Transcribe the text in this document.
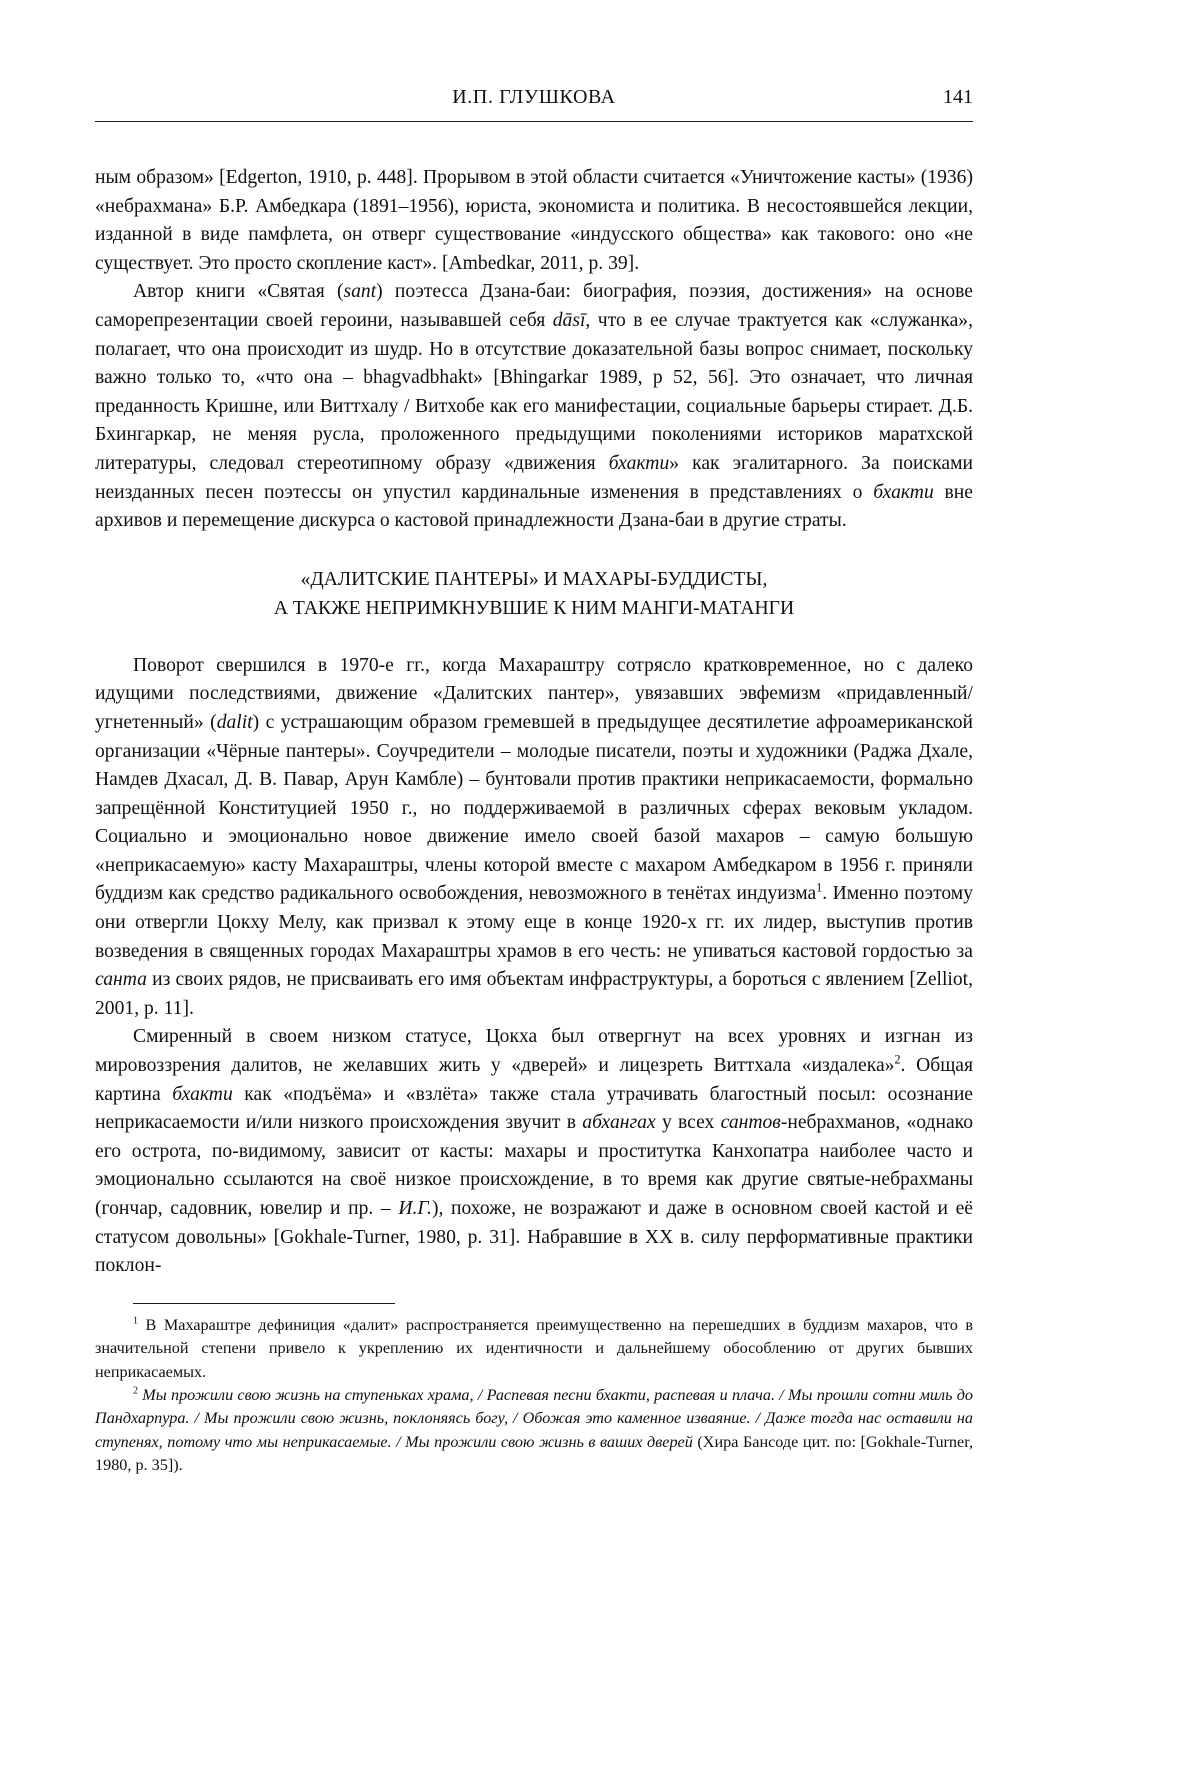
И.П. ГЛУШКОВА	141

ным образом» [Edgerton, 1910, p. 448]. Прорывом в этой области считается «Уничтожение касты» (1936) «небрахмана» Б.Р. Амбедкара (1891–1956), юриста, экономиста и политика. В несостоявшейся лекции, изданной в виде памфлета, он отверг существование «индусского общества» как такового: оно «не существует. Это просто скопление каст». [Ambedkar, 2011, p. 39].

Автор книги «Святая (sant) поэтесса Дзана-баи: биография, поэзия, достижения» на основе саморепрезентации своей героини, называвшей себя dāsī, что в ее случае трактуется как «служанка», полагает, что она происходит из шудр. Но в отсутствие доказательной базы вопрос снимает, поскольку важно только то, «что она – bhagvadbhakt» [Bhingarkar 1989, p 52, 56]. Это означает, что личная преданность Кришне, или Виттхалу / Витхобе как его манифестации, социальные барьеры стирает. Д.Б. Бхингаркар, не меняя русла, проложенного предыдущими поколениями историков маратхской литературы, следовал стереотипному образу «движения бхакти» как эгалитарного. За поисками неизданных песен поэтессы он упустил кардинальные изменения в представлениях о бхакти вне архивов и перемещение дискурса о кастовой принадлежности Дзана-баи в другие страты.

«ДАЛИТСКИЕ ПАНТЕРЫ» И МАХАРЫ-БУДДИСТЫ,
А ТАКЖЕ НЕПРИМКНУВШИЕ К НИМ МАНГИ-МАТАНГИ

Поворот свершился в 1970-е гг., когда Махараштру сотрясло кратковременное, но с далеко идущими последствиями, движение «Далитских пантер», увязавших эвфемизм «придавленный/угнетенный» (dalit) с устрашающим образом гремевшей в предыдущее десятилетие афроамериканской организации «Чёрные пантеры». Соучредители – молодые писатели, поэты и художники (Раджа Дхале, Намдев Дхасал, Д. В. Павар, Арун Камбле) – бунтовали против практики неприкасаемости, формально запрещённой Конституцией 1950 г., но поддерживаемой в различных сферах вековым укладом. Социально и эмоционально новое движение имело своей базой махаров – самую большую «неприкасаемую» касту Махараштры, члены которой вместе с махаром Амбедкаром в 1956 г. приняли буддизм как средство радикального освобождения, невозможного в тенётах индуизма$^1$. Именно поэтому они отвергли Цокху Мелу, как призвал к этому еще в конце 1920-х гг. их лидер, выступив против возведения в священных городах Махараштры храмов в его честь: не упиваться кастовой гордостью за санта из своих рядов, не присваивать его имя объектам инфраструктуры, а бороться с явлением [Zelliot, 2001, p. 11].

Смиренный в своем низком статусе, Цокха был отвергнут на всех уровнях и изгнан из мировоззрения далитов, не желавших жить у «дверей» и лицезреть Виттхала «издалека»$^2$. Общая картина бхакти как «подъёма» и «взлёта» также стала утрачивать благостный посыл: осознание неприкасаемости и/или низкого происхождения звучит в абхангах у всех сантов-небрахманов, «однако его острота, по-видимому, зависит от касты: махары и проститутка Канхопатра наиболее часто и эмоционально ссылаются на своё низкое происхождение, в то время как другие святые-небрахманы (гончар, садовник, ювелир и пр. – И.Г.), похоже, не возражают и даже в основном своей кастой и её статусом довольны» [Gokhale-Turner, 1980, p. 31]. Набравшие в XX в. силу перформативные практики поклон-

$^1$ В Махараштре дефиниция «далит» распространяется преимущественно на перешедших в буддизм махаров, что в значительной степени привело к укреплению их идентичности и дальнейшему обособлению от других бывших неприкасаемых.

$^2$ Мы прожили свою жизнь на ступеньках храма, / Распевая песни бхакти, распевая и плача. / Мы прошли сотни миль до Пандхарпура. / Мы прожили свою жизнь, поклоняясь богу, / Обожая это каменное изваяние. / Даже тогда нас оставили на ступенях, потому что мы неприкасаемые. / Мы прожили свою жизнь в ваших дверей (Хира Бансоде цит. по: [Gokhale-Turner, 1980, p. 35]).
